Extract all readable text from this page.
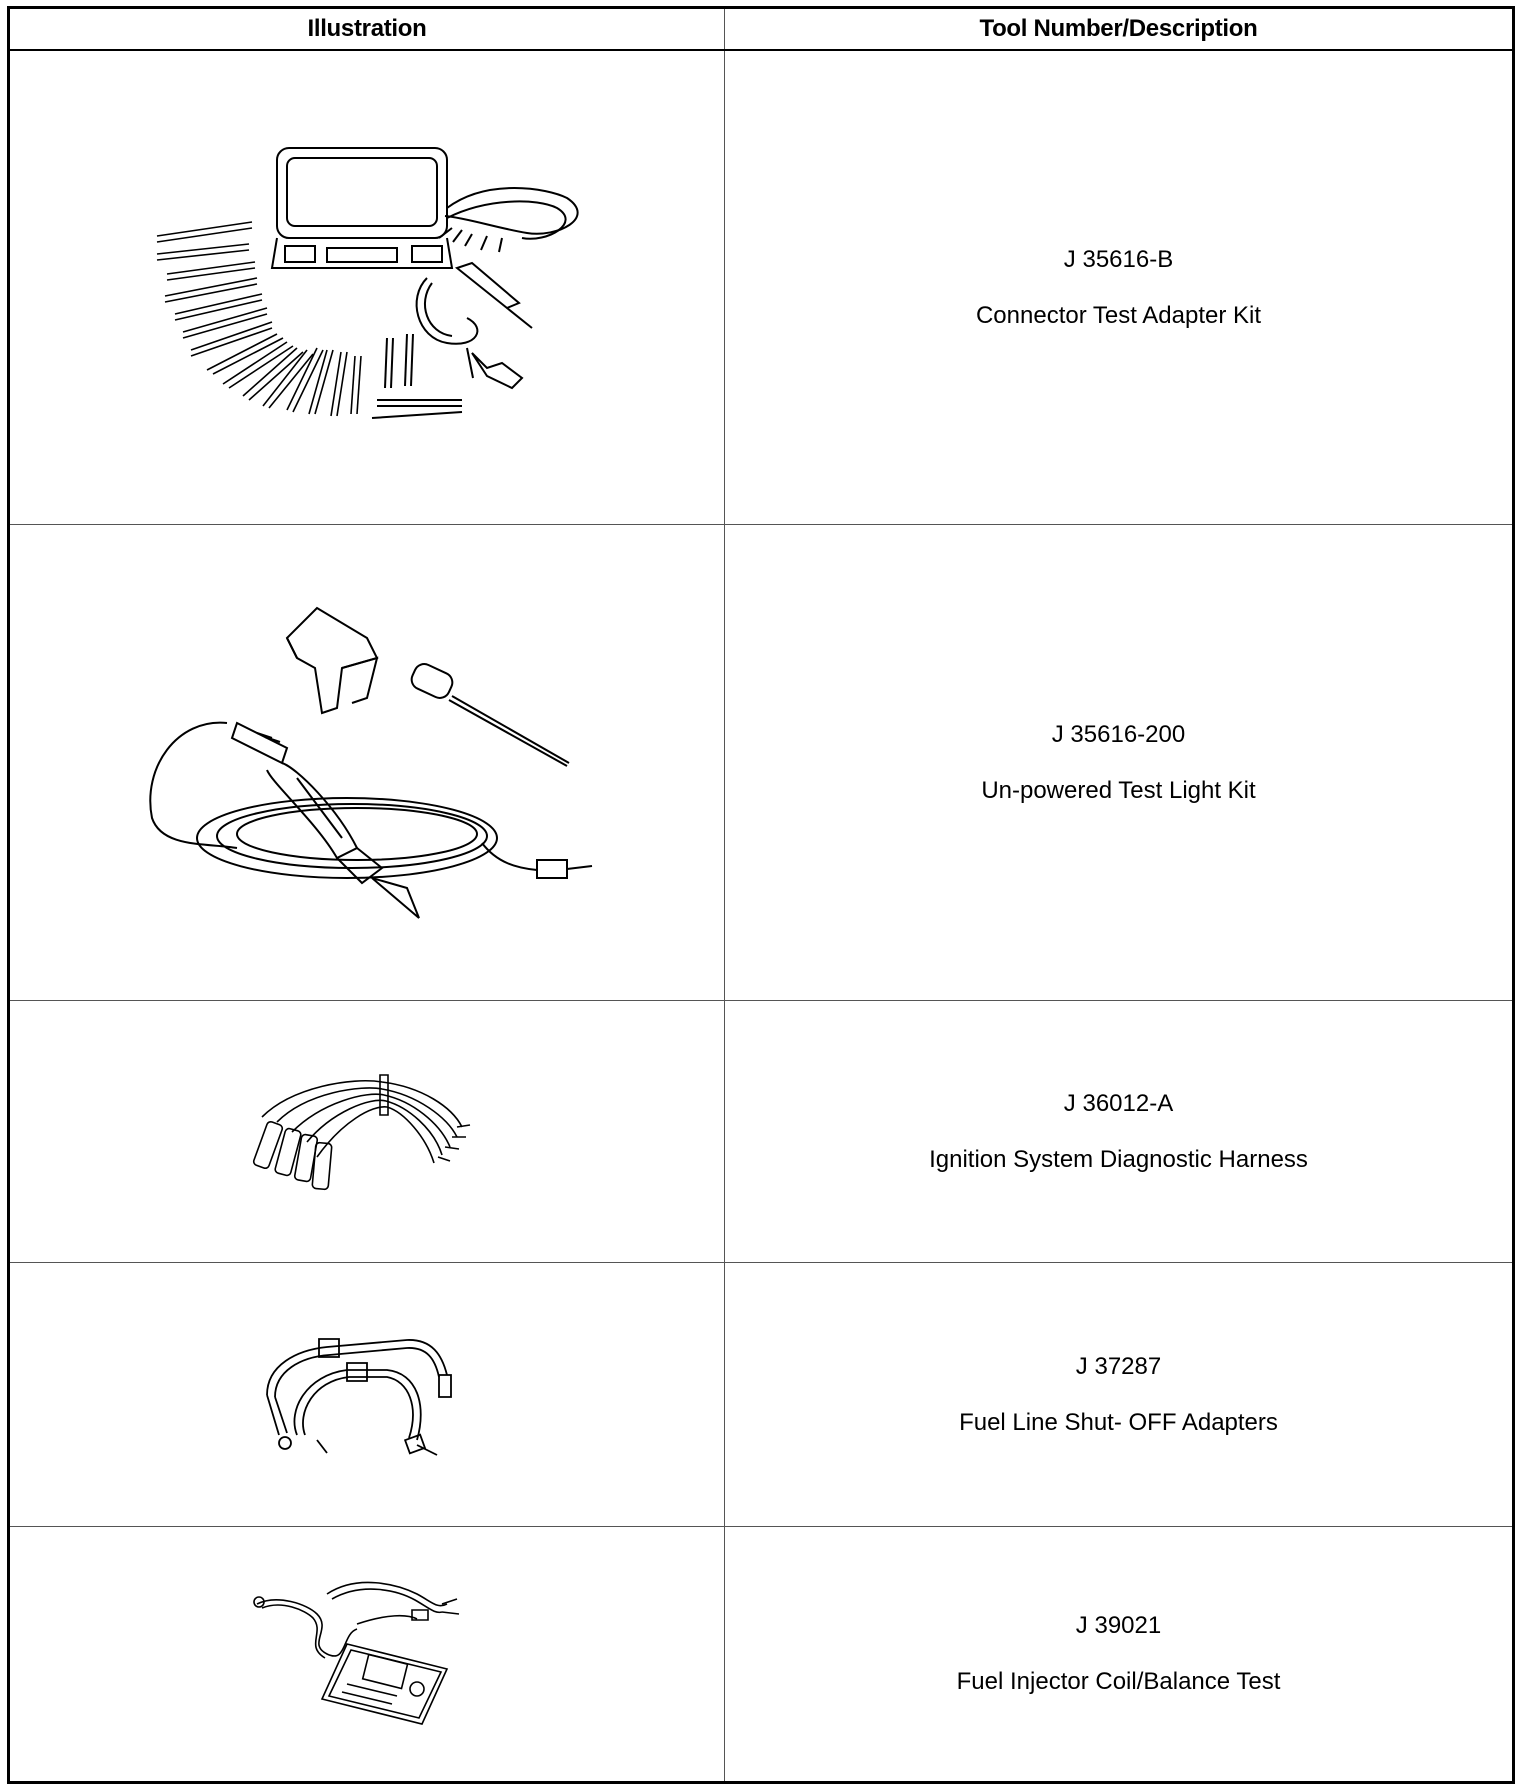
Illustration	Tool Number/Description
J 35616-B
Connector Test Adapter Kit
J 35616-200
Un-powered Test Light Kit
J 36012-A
Ignition System Diagnostic Harness
J 37287
Fuel Line Shut- OFF Adapters
J 39021
Fuel Injector Coil/Balance Test
